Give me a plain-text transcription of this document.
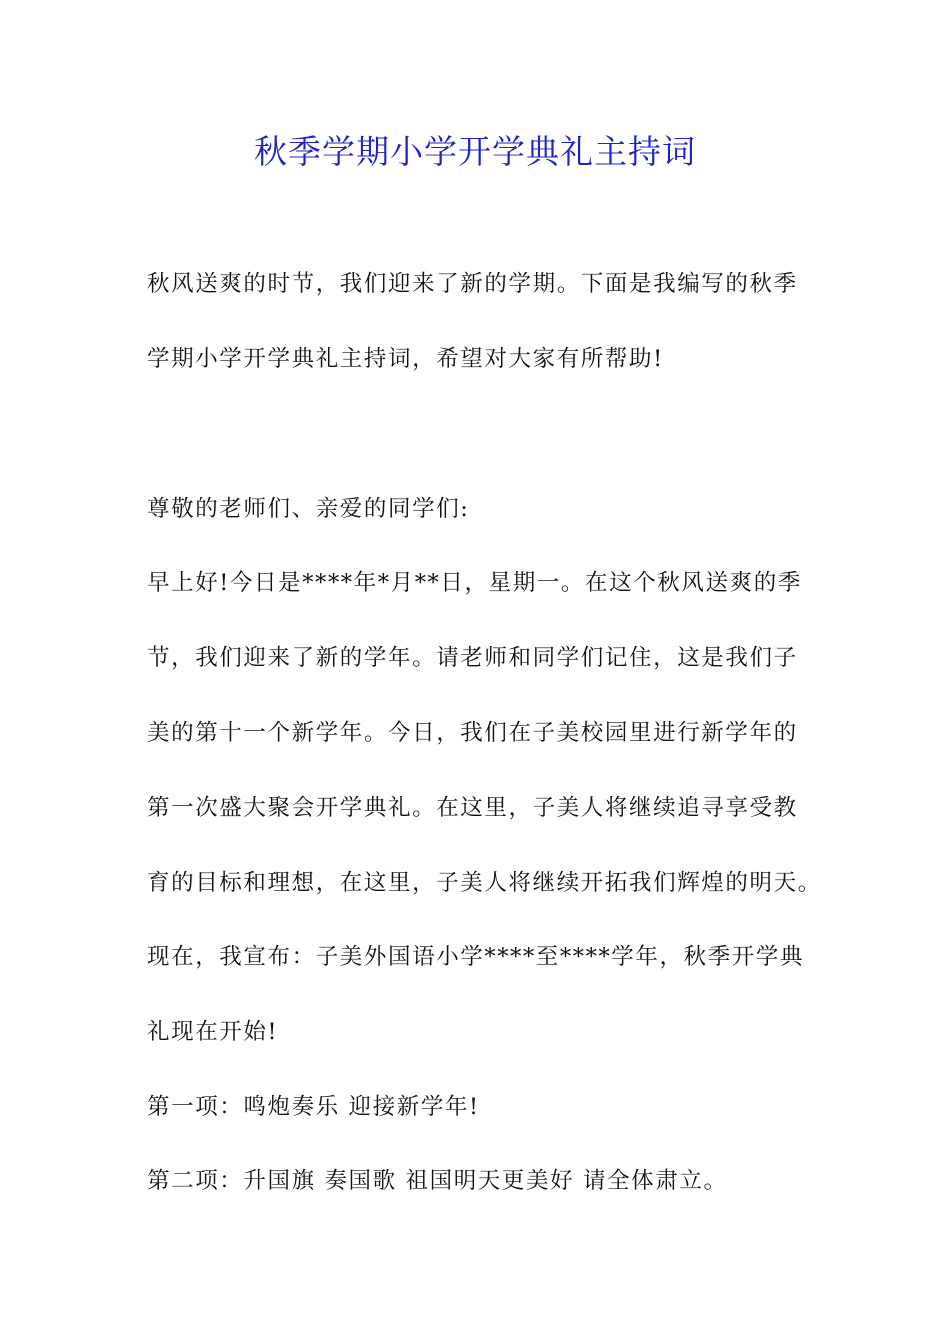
秋季学期小学开学典礼主持词
秋风送爽的时节，我们迎来了新的学期。下面是我编写的秋季
学期小学开学典礼主持词，希望对大家有所帮助!
尊敬的老师们、亲爱的同学们:
早上好!今日是****年*月**日，星期一。在这个秋风送爽的季
节，我们迎来了新的学年。请老师和同学们记住，这是我们子
美的第十一个新学年。今日，我们在子美校园里进行新学年的
第一次盛大聚会开学典礼。在这里，子美人将继续追寻享受教
育的目标和理想，在这里，子美人将继续开拓我们辉煌的明天。
现在，我宣布：子美外国语小学****至****学年，秋季开学典
礼现在开始!
第一项：鸣炮奏乐 迎接新学年!
第二项：升国旗 奏国歌 祖国明天更美好 请全体肃立。
